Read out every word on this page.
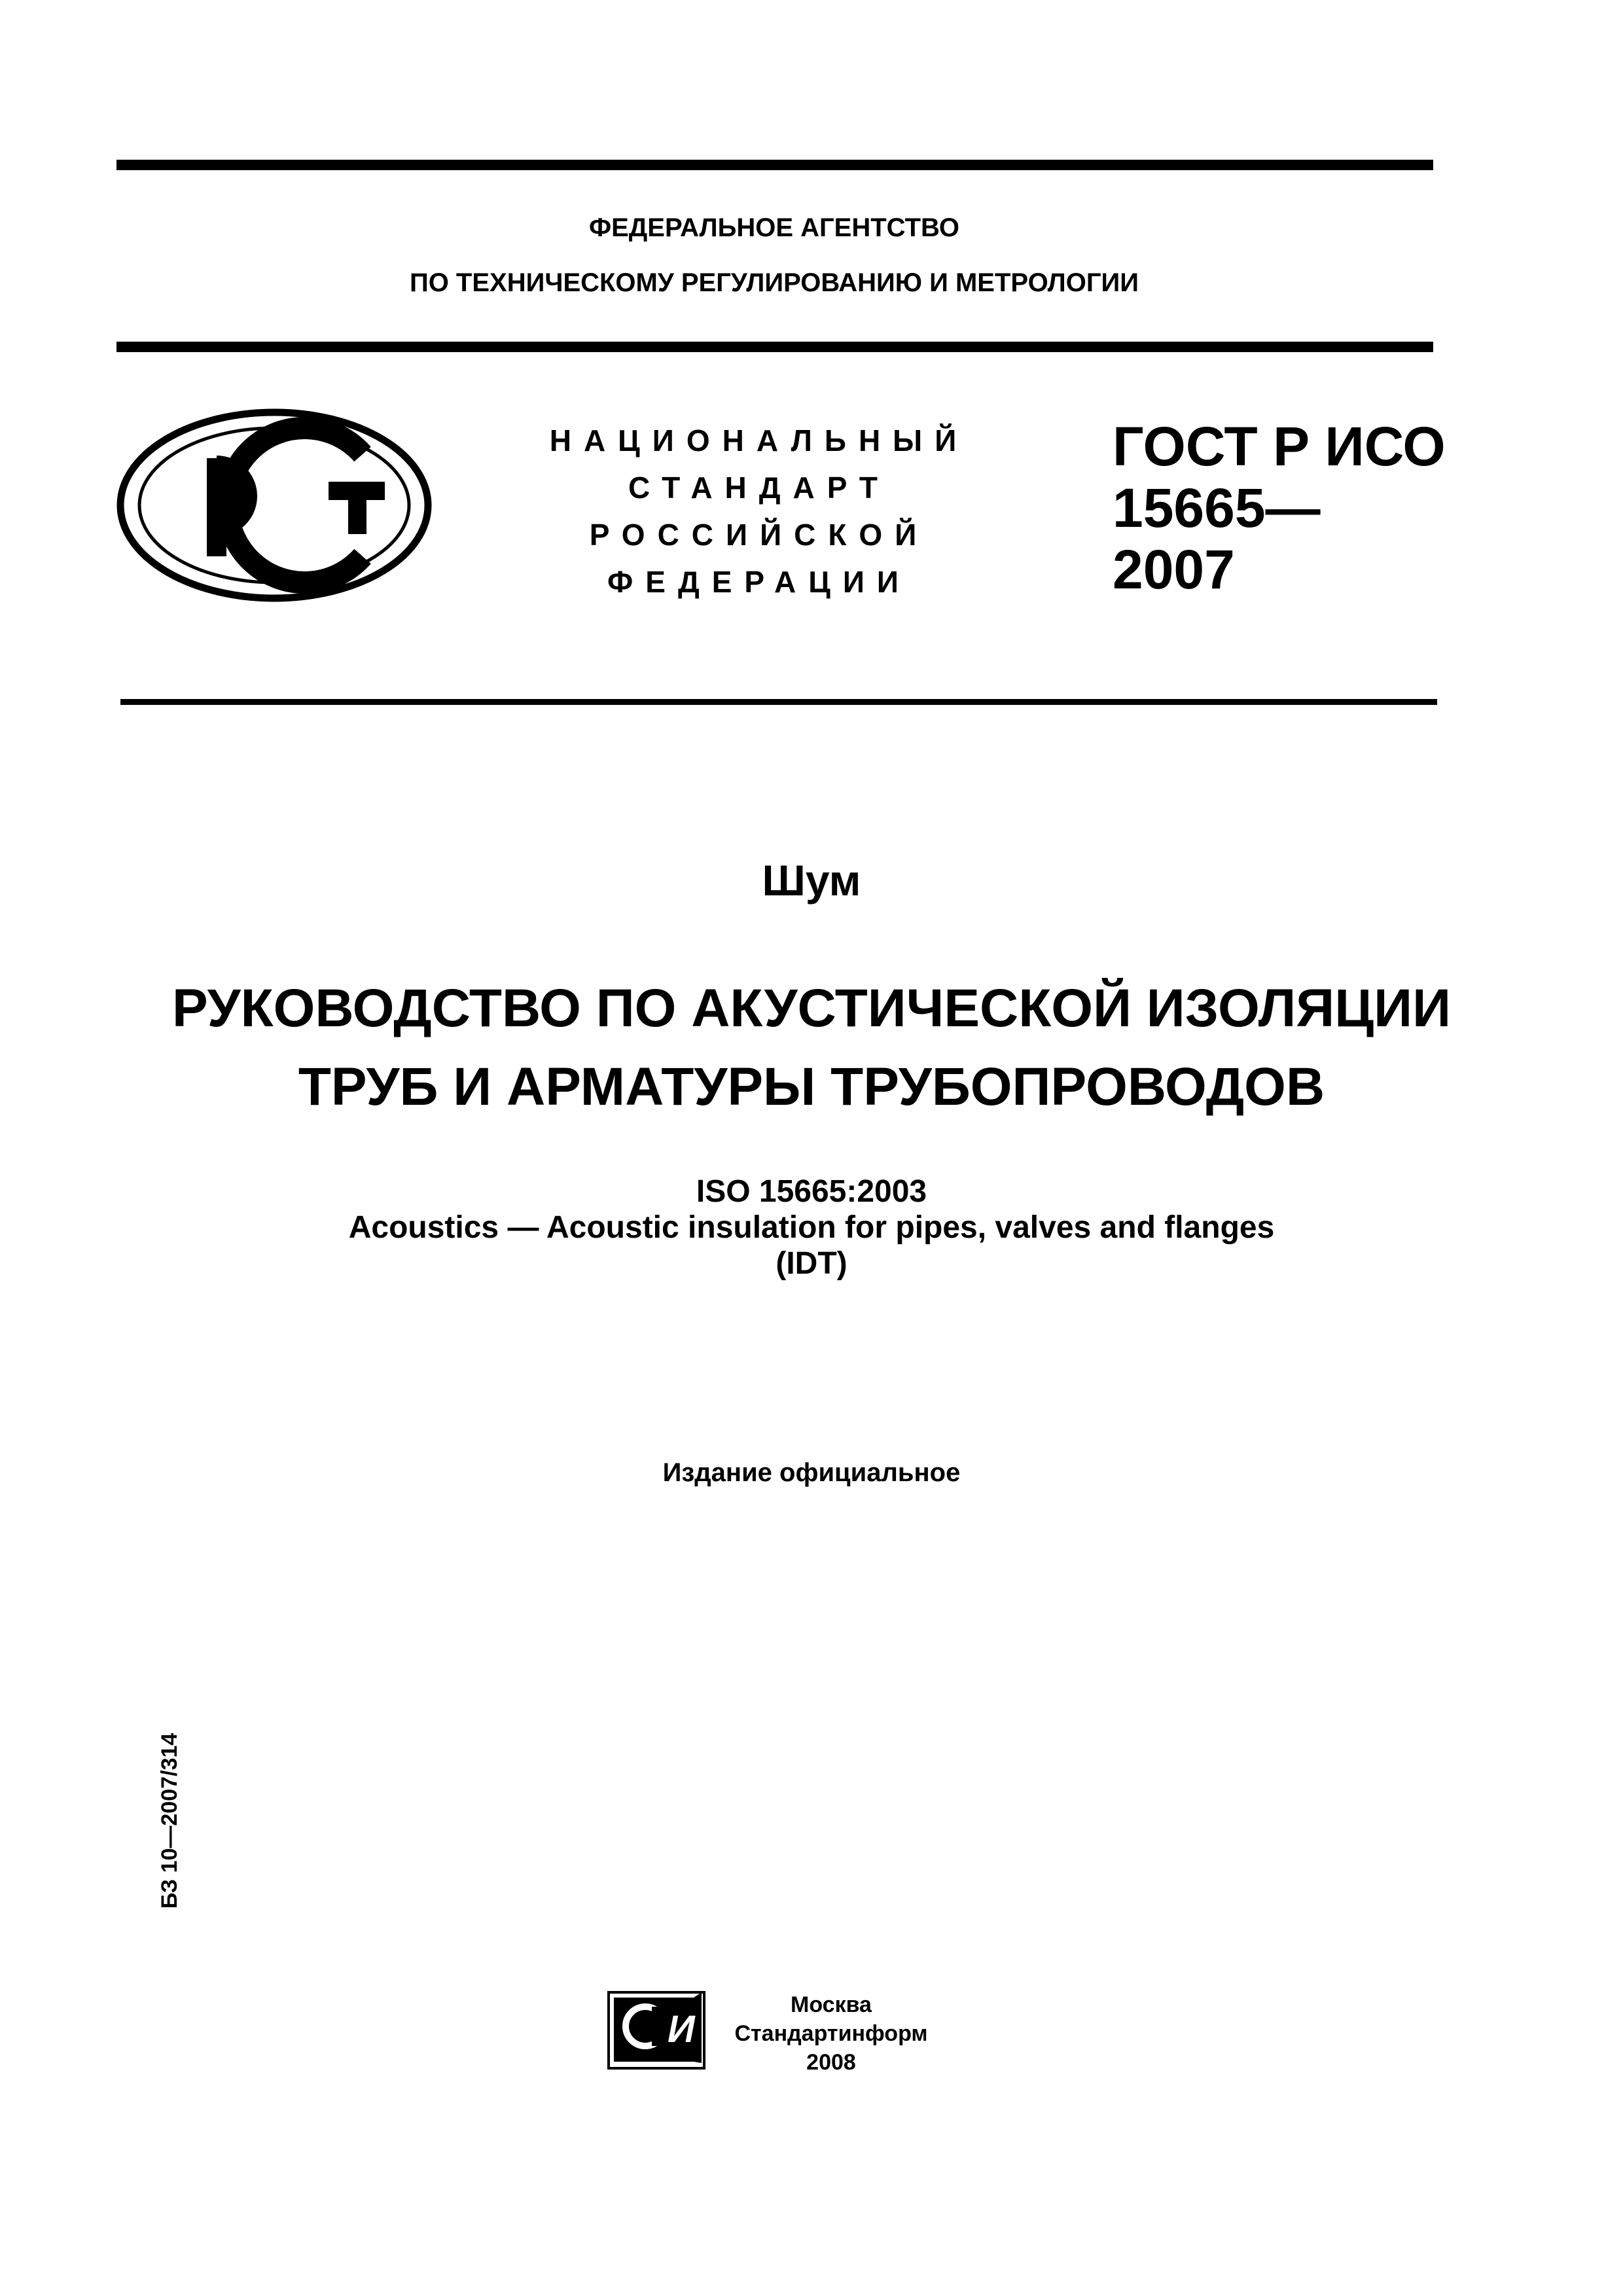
ФЕДЕРАЛЬНОЕ АГЕНТСТВО
ПО ТЕХНИЧЕСКОМУ РЕГУЛИРОВАНИЮ И МЕТРОЛОГИИ
НАЦИОНАЛЬНЫЙ
СТАНДАРТ
РОССИЙСКОЙ
ФЕДЕРАЦИИ
ГОСТ Р ИСО
15665—
2007
Шум
РУКОВОДСТВО ПО АКУСТИЧЕСКОЙ ИЗОЛЯЦИИ
ТРУБ И АРМАТУРЫ ТРУБОПРОВОДОВ
ISO 15665:2003
Acoustics — Acoustic insulation for pipes, valves and flanges
(IDT)
Издание официальное
БЗ 10—2007/314
И
Москва
Стандартинформ
2008
